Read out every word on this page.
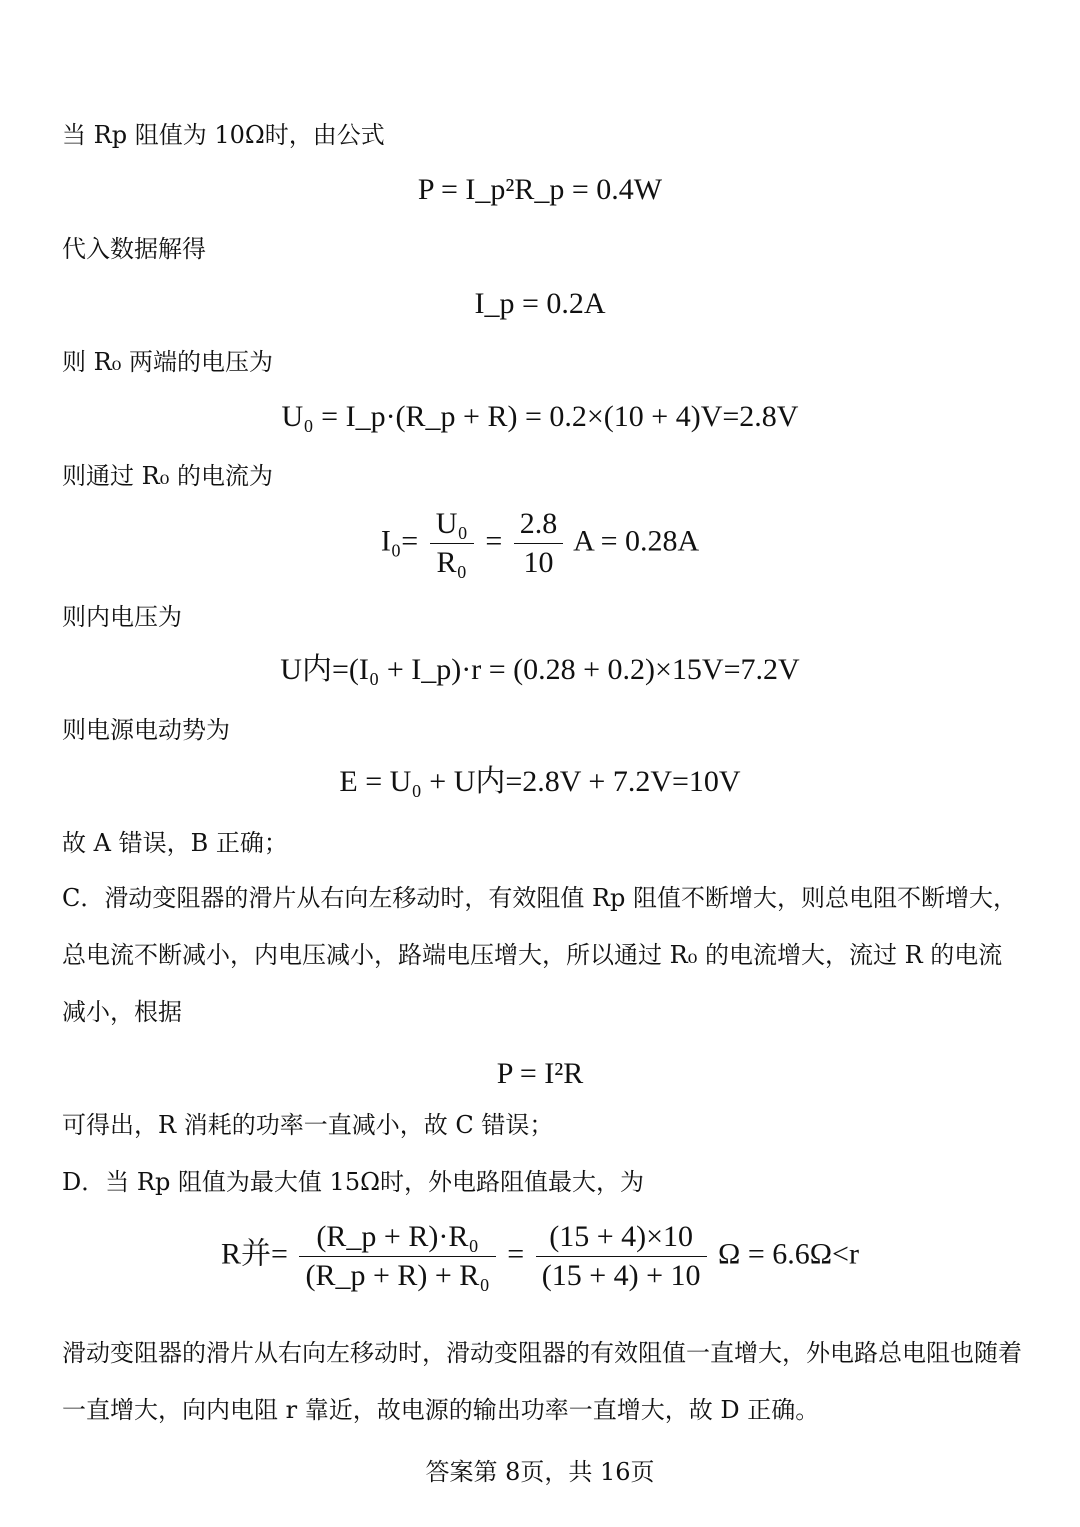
当 Rp 阻值为 10Ω时，由公式
P = I_p²R_p = 0.4W
代入数据解得
I_p = 0.2A
则 R₀ 两端的电压为
U₀ = I_p·(R_p + R) = 0.2×(10 + 4)V=2.8V
则通过 R₀ 的电流为
$I_0= \frac{\text{U₀}}{\text{R₀}} = \frac{2.8}{10}$ A = 0.28A
则内电压为
U内=(I₀ + I_p)·r = (0.28 + 0.2)×15V=7.2V
则电源电动势为
E = U₀ + U内=2.8V + 7.2V=10V
故 A 错误，B 正确；
C．滑动变阻器的滑片从右向左移动时，有效阻值 Rp 阻值不断增大，则总电阻不断增大，总电流不断减小，内电压减小，路端电压增大，所以通过 R₀ 的电流增大，流过 R 的电流减小，根据
P = I²R
可得出，R 消耗的功率一直减小，故 C 错误；
D．当 Rp 阻值为最大值 15Ω时，外电路阻值最大，为
R并= $\frac{\text{(R\_p + R)·R₀}}{\text{(R\_p + R) + R₀}} = \frac{(15 + 4)\times 10}{(15 + 4) + 10}$ Ω = 6.6Ω<r
滑动变阻器的滑片从右向左移动时，滑动变阻器的有效阻值一直增大，外电路总电阻也随着一直增大，向内电阻 r 靠近，故电源的输出功率一直增大，故 D 正确。
答案第 8页，共 16页
